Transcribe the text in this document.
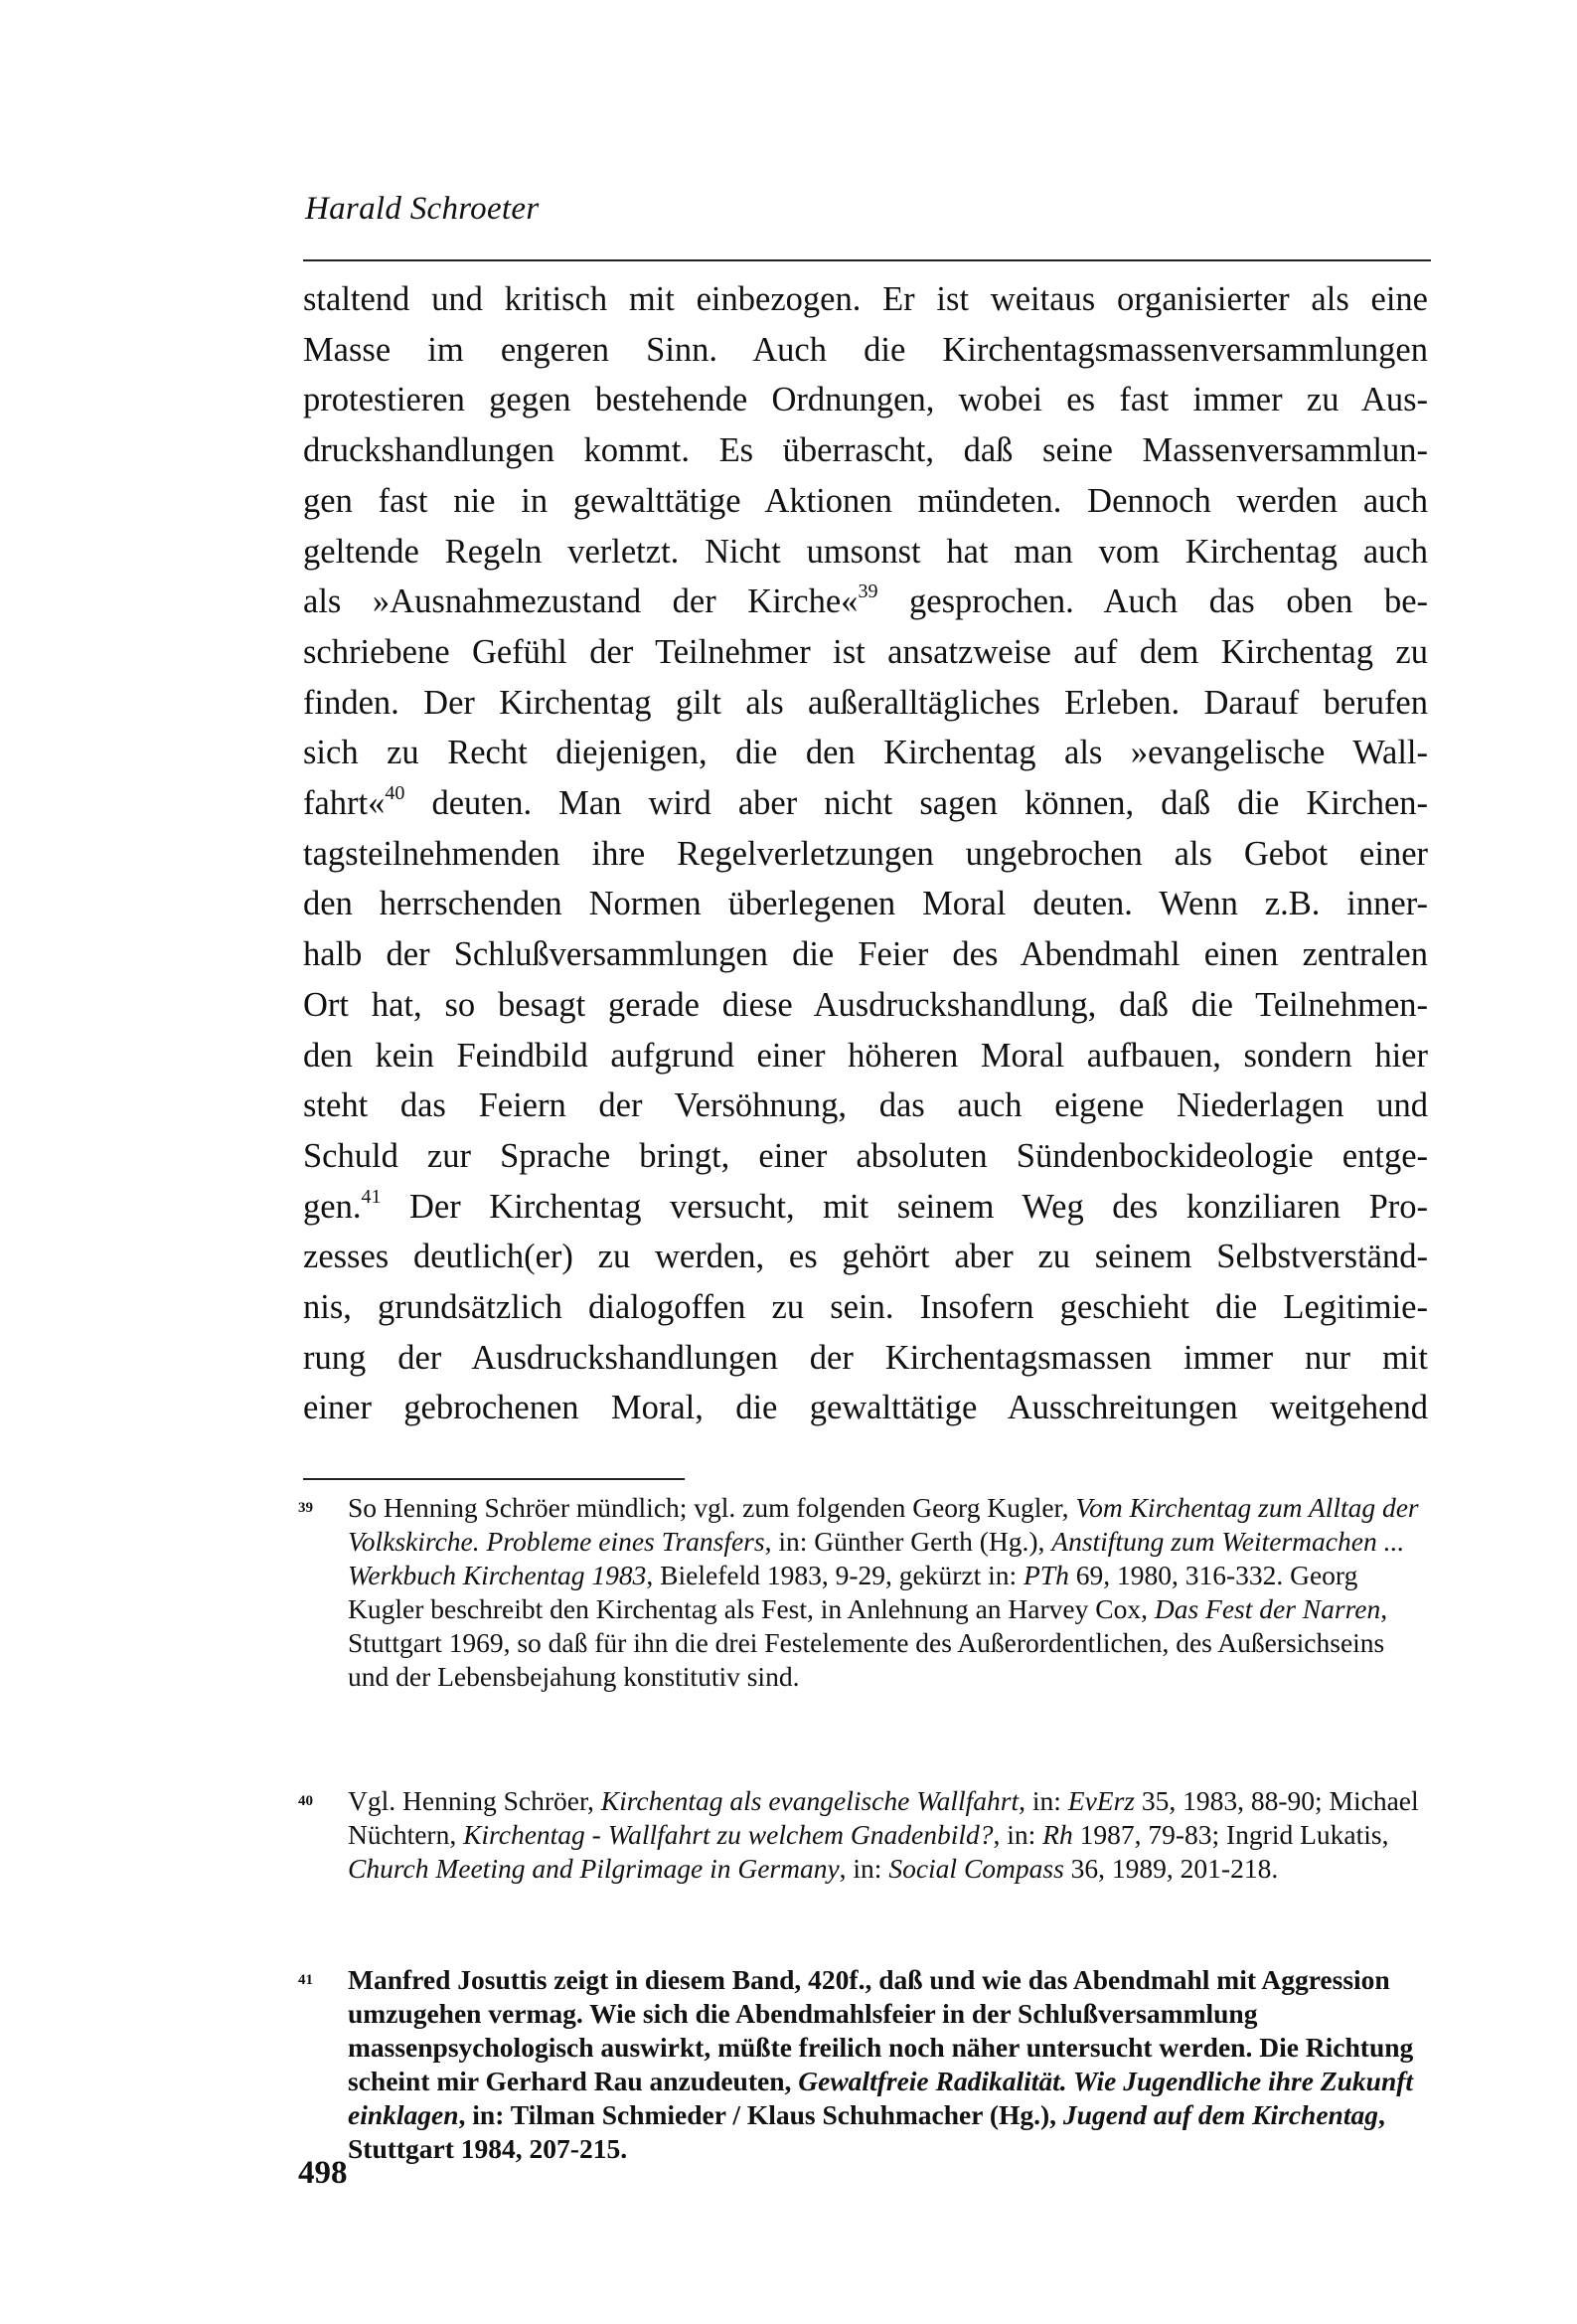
Harald Schroeter
staltend und kritisch mit einbezogen. Er ist weitaus organisierter als eine
Masse im engeren Sinn. Auch die Kirchentagsmassenversammlungen
protestieren gegen bestehende Ordnungen, wobei es fast immer zu Aus-
druckshandlungen kommt. Es überrascht, daß seine Massenversammlun-
gen fast nie in gewalttätige Aktionen mündeten. Dennoch werden auch
geltende Regeln verletzt. Nicht umsonst hat man vom Kirchentag auch
als »Ausnahmezustand der Kirche«$^{39}$ gesprochen. Auch das oben be-
schriebene Gefühl der Teilnehmer ist ansatzweise auf dem Kirchentag zu
finden. Der Kirchentag gilt als außeralltägliches Erleben. Darauf berufen
sich zu Recht diejenigen, die den Kirchentag als »evangelische Wall-
fahrt«$^{40}$ deuten. Man wird aber nicht sagen können, daß die Kirchen-
tagsteilnehmenden ihre Regelverletzungen ungebrochen als Gebot einer
den herrschenden Normen überlegenen Moral deuten. Wenn z.B. inner-
halb der Schlußversammlungen die Feier des Abendmahl einen zentralen
Ort hat, so besagt gerade diese Ausdruckshandlung, daß die Teilnehmen-
den kein Feindbild aufgrund einer höheren Moral aufbauen, sondern hier
steht das Feiern der Versöhnung, das auch eigene Niederlagen und
Schuld zur Sprache bringt, einer absoluten Sündenbockideologie entge-
gen.$^{41}$ Der Kirchentag versucht, mit seinem Weg des konziliaren Pro-
zesses deutlich(er) zu werden, es gehört aber zu seinem Selbstverständ-
nis, grundsätzlich dialogoffen zu sein. Insofern geschieht die Legitimie-
rung der Ausdruckshandlungen der Kirchentagsmassen immer nur mit
einer gebrochenen Moral, die gewalttätige Ausschreitungen weitgehend
39 So Henning Schröer mündlich; vgl. zum folgenden Georg Kugler, Vom Kirchentag zum Alltag der Volkskirche. Probleme eines Transfers, in: Günther Gerth (Hg.), Anstiftung zum Weitermachen ... Werkbuch Kirchentag 1983, Bielefeld 1983, 9-29, gekürzt in: PTh 69, 1980, 316-332. Georg Kugler beschreibt den Kirchentag als Fest, in Anlehnung an Harvey Cox, Das Fest der Narren, Stuttgart 1969, so daß für ihn die drei Festelemente des Außerordentlichen, des Außersichseins und der Lebensbejahung konstitutiv sind.
40 Vgl. Henning Schröer, Kirchentag als evangelische Wallfahrt, in: EvErz 35, 1983, 88-90; Michael Nüchtern, Kirchentag - Wallfahrt zu welchem Gnadenbild?, in: Rh 1987, 79-83; Ingrid Lukatis, Church Meeting and Pilgrimage in Germany, in: Social Compass 36, 1989, 201-218.
41 Manfred Josuttis zeigt in diesem Band, 420f., daß und wie das Abendmahl mit Aggression umzugehen vermag. Wie sich die Abendmahlsfeier in der Schlußversammlung massenpsychologisch auswirkt, müßte freilich noch näher untersucht werden. Die Richtung scheint mir Gerhard Rau anzudeuten, Gewaltfreie Radikalität. Wie Jugendliche ihre Zukunft einklagen, in: Tilman Schmieder / Klaus Schuhmacher (Hg.), Jugend auf dem Kirchentag, Stuttgart 1984, 207-215.
498
